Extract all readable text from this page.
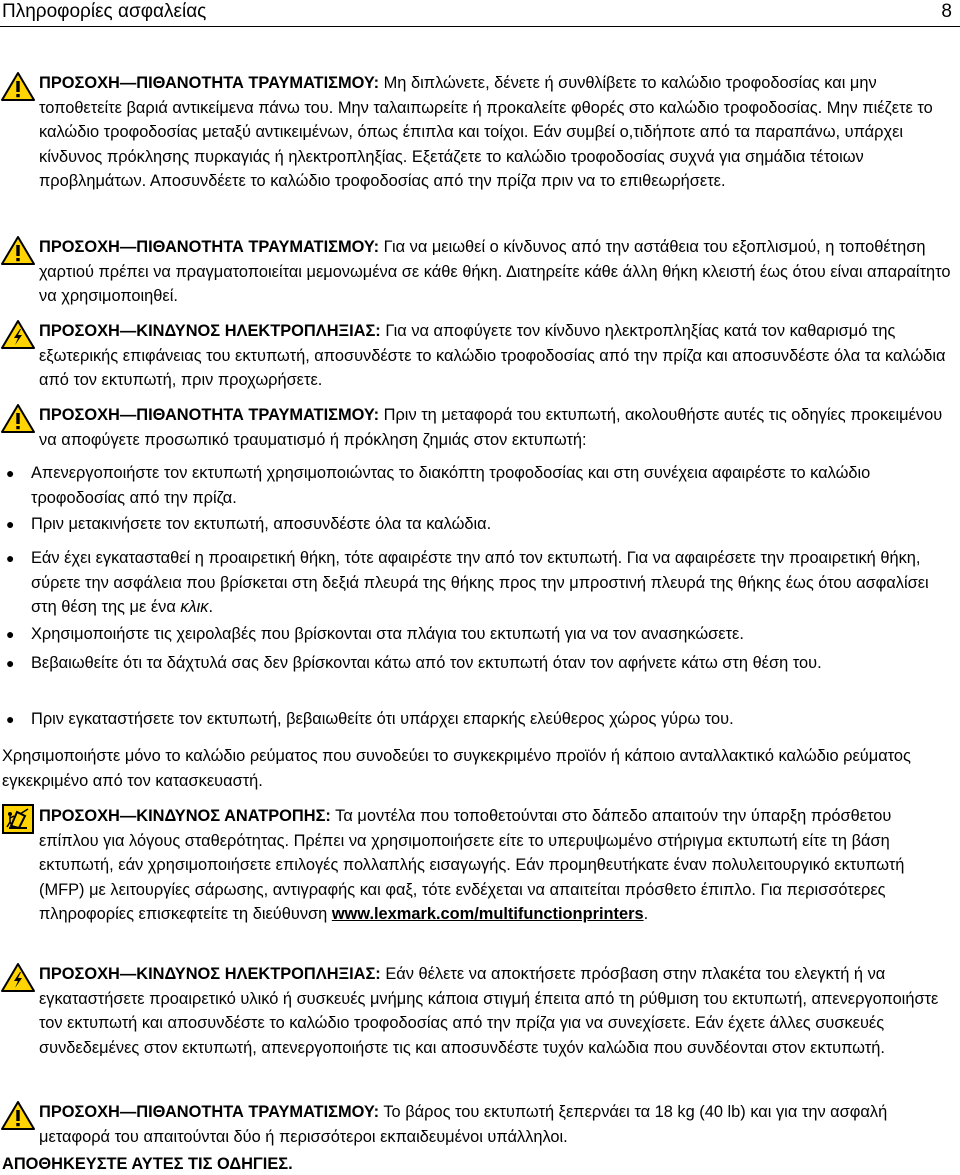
Πληροφορίες ασφαλείας	8
ΠΡΟΣΟΧΗ—ΠΙΘΑΝΟΤΗΤΑ ΤΡΑΥΜΑΤΙΣΜΟΥ: Μη διπλώνετε, δένετε ή συνθλίβετε το καλώδιο τροφοδοσίας και μην τοποθετείτε βαριά αντικείμενα πάνω του. Μην ταλαιπωρείτε ή προκαλείτε φθορές στο καλώδιο τροφοδοσίας. Μην πιέζετε το καλώδιο τροφοδοσίας μεταξύ αντικειμένων, όπως έπιπλα και τοίχοι. Εάν συμβεί ο,τιδήποτε από τα παραπάνω, υπάρχει κίνδυνος πρόκλησης πυρκαγιάς ή ηλεκτροπληξίας. Εξετάζετε το καλώδιο τροφοδοσίας συχνά για σημάδια τέτοιων προβλημάτων. Αποσυνδέετε το καλώδιο τροφοδοσίας από την πρίζα πριν να το επιθεωρήσετε.
ΠΡΟΣΟΧΗ—ΠΙΘΑΝΟΤΗΤΑ ΤΡΑΥΜΑΤΙΣΜΟΥ: Για να μειωθεί ο κίνδυνος από την αστάθεια του εξοπλισμού, η τοποθέτηση χαρτιού πρέπει να πραγματοποιείται μεμονωμένα σε κάθε θήκη. Διατηρείτε κάθε άλλη θήκη κλειστή έως ότου είναι απαραίτητο να χρησιμοποιηθεί.
ΠΡΟΣΟΧΗ—ΚΙΝΔΥΝΟΣ ΗΛΕΚΤΡΟΠΛΗΞΙΑΣ: Για να αποφύγετε τον κίνδυνο ηλεκτροπληξίας κατά τον καθαρισμό της εξωτερικής επιφάνειας του εκτυπωτή, αποσυνδέστε το καλώδιο τροφοδοσίας από την πρίζα και αποσυνδέστε όλα τα καλώδια από τον εκτυπωτή, πριν προχωρήσετε.
ΠΡΟΣΟΧΗ—ΠΙΘΑΝΟΤΗΤΑ ΤΡΑΥΜΑΤΙΣΜΟΥ: Πριν τη μεταφορά του εκτυπωτή, ακολουθήστε αυτές τις οδηγίες προκειμένου να αποφύγετε προσωπικό τραυματισμό ή πρόκληση ζημιάς στον εκτυπωτή:
● Απενεργοποιήστε τον εκτυπωτή χρησιμοποιώντας το διακόπτη τροφοδοσίας και στη συνέχεια αφαιρέστε το καλώδιο τροφοδοσίας από την πρίζα.
● Πριν μετακινήσετε τον εκτυπωτή, αποσυνδέστε όλα τα καλώδια.
● Εάν έχει εγκατασταθεί η προαιρετική θήκη, τότε αφαιρέστε την από τον εκτυπωτή. Για να αφαιρέσετε την προαιρετική θήκη, σύρετε την ασφάλεια που βρίσκεται στη δεξιά πλευρά της θήκης προς την μπροστινή πλευρά της θήκης έως ότου ασφαλίσει στη θέση της με ένα κλικ.
● Χρησιμοποιήστε τις χειρολαβές που βρίσκονται στα πλάγια του εκτυπωτή για να τον ανασηκώσετε.
● Βεβαιωθείτε ότι τα δάχτυλά σας δεν βρίσκονται κάτω από τον εκτυπωτή όταν τον αφήνετε κάτω στη θέση του.
● Πριν εγκαταστήσετε τον εκτυπωτή, βεβαιωθείτε ότι υπάρχει επαρκής ελεύθερος χώρος γύρω του.
Χρησιμοποιήστε μόνο το καλώδιο ρεύματος που συνοδεύει το συγκεκριμένο προϊόν ή κάποιο ανταλλακτικό καλώδιο ρεύματος εγκεκριμένο από τον κατασκευαστή.
ΠΡΟΣΟΧΗ—ΚΙΝΔΥΝΟΣ ΑΝΑΤΡΟΠΗΣ: Τα μοντέλα που τοποθετούνται στο δάπεδο απαιτούν την ύπαρξη πρόσθετου επίπλου για λόγους σταθερότητας. Πρέπει να χρησιμοποιήσετε είτε το υπερυψωμένο στήριγμα εκτυπωτή είτε τη βάση εκτυπωτή, εάν χρησιμοποιήσετε επιλογές πολλαπλής εισαγωγής. Εάν προμηθευτήκατε έναν πολυλειτουργικό εκτυπωτή (MFP) με λειτουργίες σάρωσης, αντιγραφής και φαξ, τότε ενδέχεται να απαιτείται πρόσθετο έπιπλο. Για περισσότερες πληροφορίες επισκεφτείτε τη διεύθυνση www.lexmark.com/multifunctionprinters.
ΠΡΟΣΟΧΗ—ΚΙΝΔΥΝΟΣ ΗΛΕΚΤΡΟΠΛΗΞΙΑΣ: Εάν θέλετε να αποκτήσετε πρόσβαση στην πλακέτα του ελεγκτή ή να εγκαταστήσετε προαιρετικό υλικό ή συσκευές μνήμης κάποια στιγμή έπειτα από τη ρύθμιση του εκτυπωτή, απενεργοποιήστε τον εκτυπωτή και αποσυνδέστε το καλώδιο τροφοδοσίας από την πρίζα για να συνεχίσετε. Εάν έχετε άλλες συσκευές συνδεδεμένες στον εκτυπωτή, απενεργοποιήστε τις και αποσυνδέστε τυχόν καλώδια που συνδέονται στον εκτυπωτή.
ΠΡΟΣΟΧΗ—ΠΙΘΑΝΟΤΗΤΑ ΤΡΑΥΜΑΤΙΣΜΟΥ: Το βάρος του εκτυπωτή ξεπερνάει τα 18 kg (40 lb) και για την ασφαλή μεταφορά του απαιτούνται δύο ή περισσότεροι εκπαιδευμένοι υπάλληλοι.
ΑΠΟΘΗΚΕΥΣΤΕ ΑΥΤΕΣ ΤΙΣ ΟΔΗΓΙΕΣ.
